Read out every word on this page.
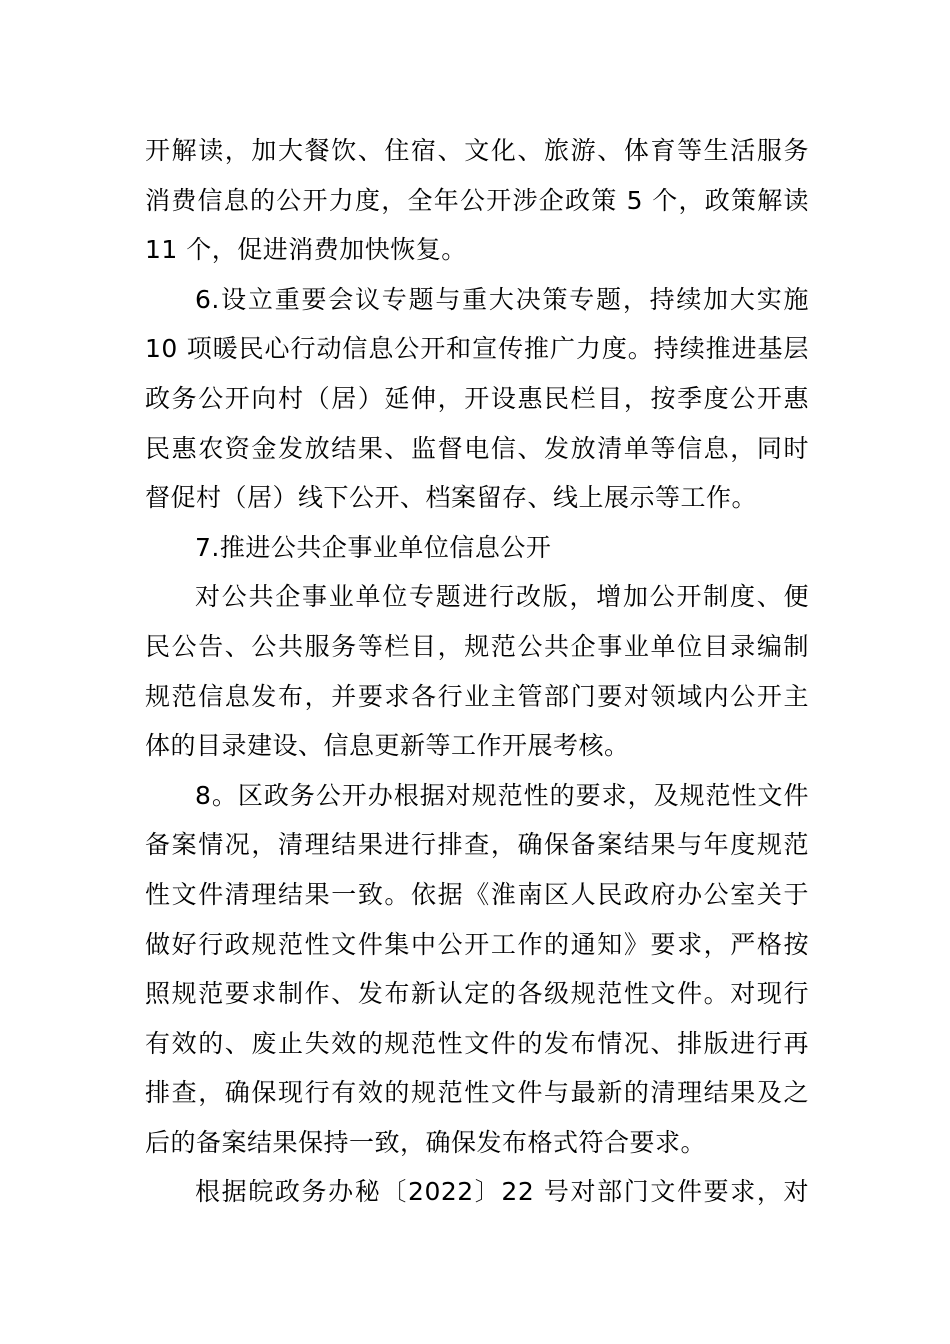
开解读，加大餐饮、住宿、文化、旅游、体育等生活服务
消费信息的公开力度，全年公开涉企政策 5 个，政策解读
11 个，促进消费加快恢复。
6.设立重要会议专题与重大决策专题，持续加大实施
10 项暖民心行动信息公开和宣传推广力度。持续推进基层
政务公开向村（居）延伸，开设惠民栏目，按季度公开惠
民惠农资金发放结果、监督电信、发放清单等信息，同时
督促村（居）线下公开、档案留存、线上展示等工作。
7.推进公共企事业单位信息公开
对公共企事业单位专题进行改版，增加公开制度、便
民公告、公共服务等栏目，规范公共企事业单位目录编制
规范信息发布，并要求各行业主管部门要对领域内公开主
体的目录建设、信息更新等工作开展考核。
8。区政务公开办根据对规范性的要求，及规范性文件
备案情况，清理结果进行排查，确保备案结果与年度规范
性文件清理结果一致。依据《淮南区人民政府办公室关于
做好行政规范性文件集中公开工作的通知》要求，严格按
照规范要求制作、发布新认定的各级规范性文件。对现行
有效的、废止失效的规范性文件的发布情况、排版进行再
排查，确保现行有效的规范性文件与最新的清理结果及之
后的备案结果保持一致，确保发布格式符合要求。
根据皖政务办秘〔2022〕22 号对部门文件要求，对
